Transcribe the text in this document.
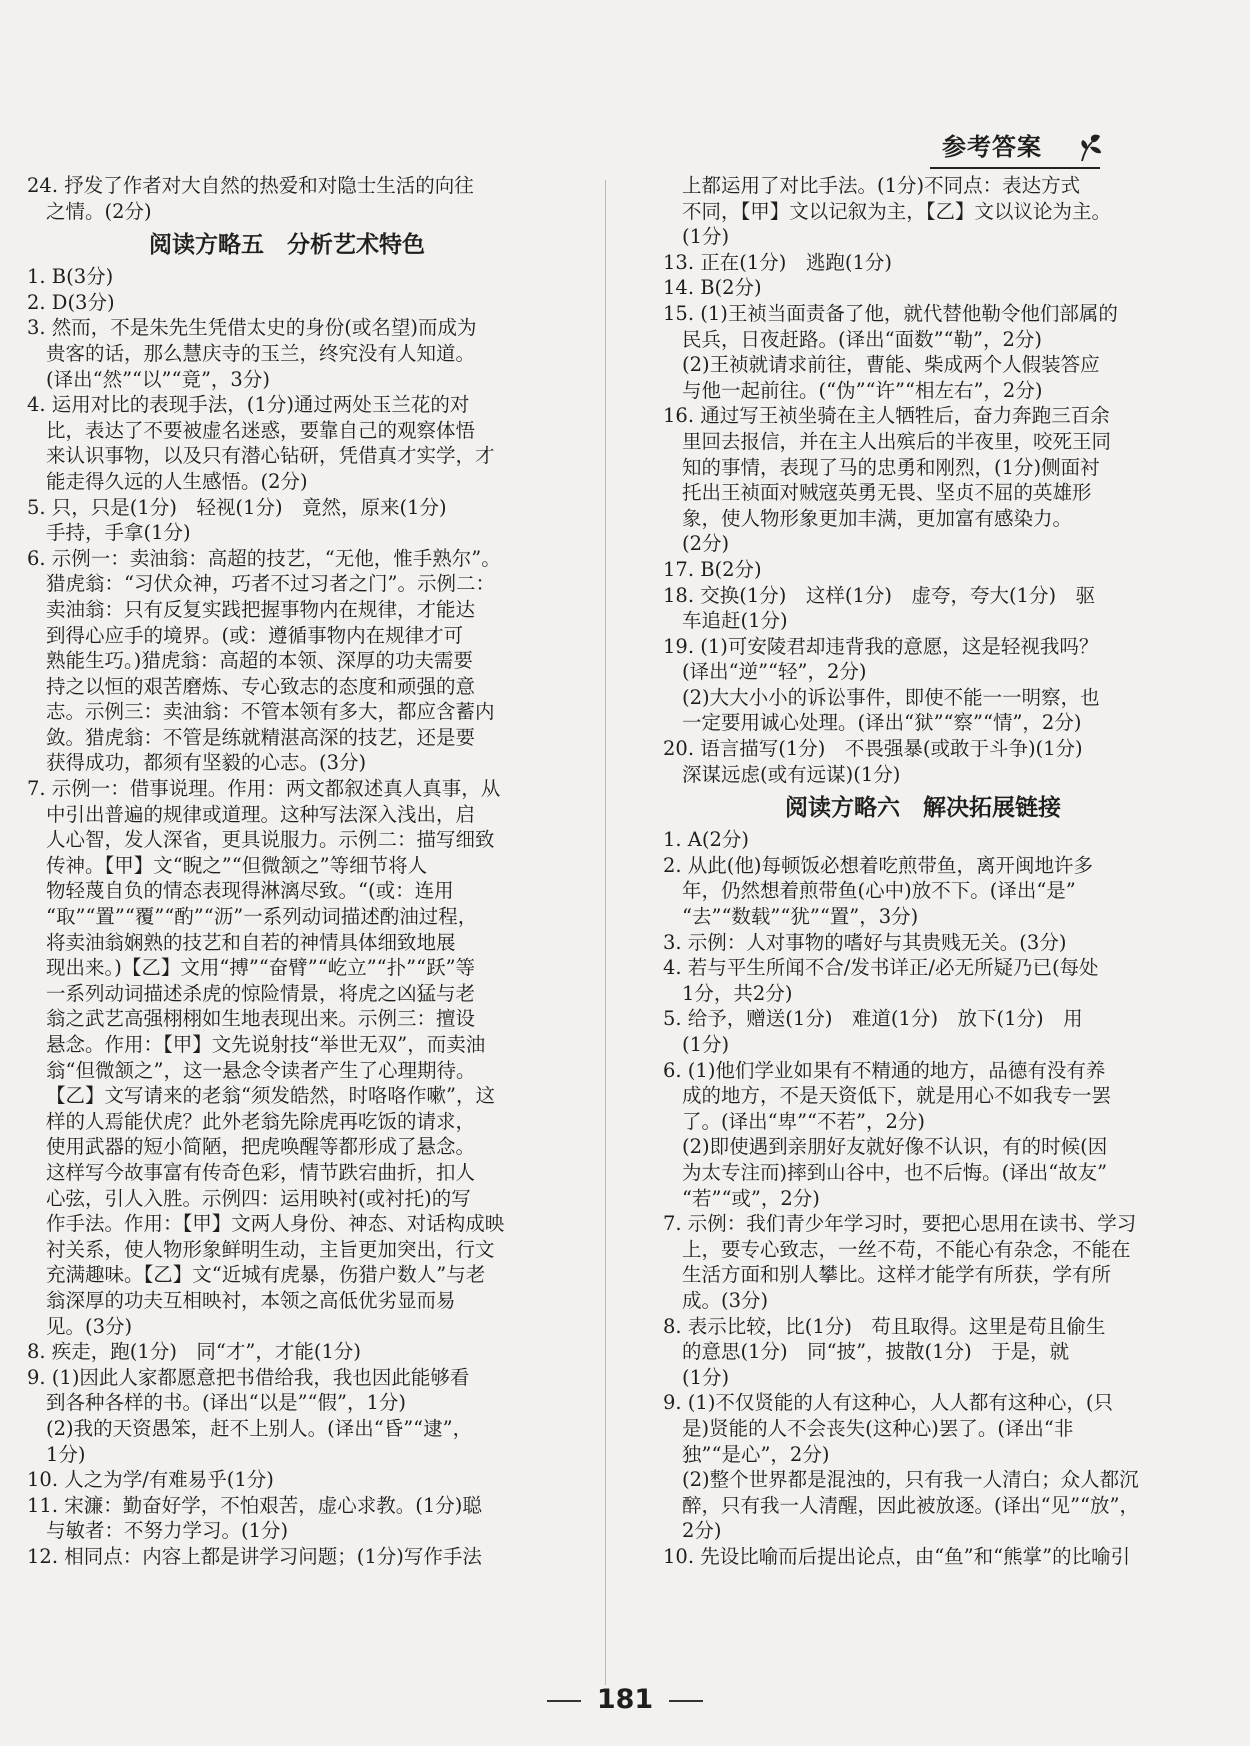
参考答案
24. 抒发了作者对大自然的热爱和对隐士生活的向往
之情。(2分)
阅读方略五　分析艺术特色
1. B(3分)
2. D(3分)
3. 然而，不是朱先生凭借太史的身份(或名望)而成为
贵客的话，那么慧庆寺的玉兰，终究没有人知道。
(译出“然”“以”“竟”，3分)
4. 运用对比的表现手法，(1分)通过两处玉兰花的对
比，表达了不要被虚名迷惑，要靠自己的观察体悟
来认识事物，以及只有潜心钻研，凭借真才实学，才
能走得久远的人生感悟。(2分)
5. 只，只是(1分)　轻视(1分)　竟然，原来(1分)
手持，手拿(1分)
6. 示例一：卖油翁：高超的技艺，“无他，惟手熟尔”。
猎虎翁：“习伏众神，巧者不过习者之门”。示例二：
卖油翁：只有反复实践把握事物内在规律，才能达
到得心应手的境界。(或：遵循事物内在规律才可
熟能生巧。)猎虎翁：高超的本领、深厚的功夫需要
持之以恒的艰苦磨炼、专心致志的态度和顽强的意
志。示例三：卖油翁：不管本领有多大，都应含蓄内
敛。猎虎翁：不管是练就精湛高深的技艺，还是要
获得成功，都须有坚毅的心志。(3分)
7. 示例一：借事说理。作用：两文都叙述真人真事，从
中引出普遍的规律或道理。这种写法深入浅出，启
人心智，发人深省，更具说服力。示例二：描写细致
传神。【甲】文“睨之”“但微颔之”等细节将人
物轻蔑自负的情态表现得淋漓尽致。“(或：连用
“取”“置”“覆”“酌”“沥”一系列动词描述酌油过程，
将卖油翁娴熟的技艺和自若的神情具体细致地展
现出来。)【乙】文用“搏”“奋臂”“屹立”“扑”“跃”等
一系列动词描述杀虎的惊险情景，将虎之凶猛与老
翁之武艺高强栩栩如生地表现出来。示例三：擅设
悬念。作用：【甲】文先说射技“举世无双”，而卖油
翁“但微颔之”，这一悬念令读者产生了心理期待。
【乙】文写请来的老翁“须发皓然，时咯咯作嗽”，这
样的人焉能伏虎？此外老翁先除虎再吃饭的请求，
使用武器的短小简陋，把虎唤醒等都形成了悬念。
这样写今故事富有传奇色彩，情节跌宕曲折，扣人
心弦，引人入胜。示例四：运用映衬(或衬托)的写
作手法。作用：【甲】文两人身份、神态、对话构成映
衬关系，使人物形象鲜明生动，主旨更加突出，行文
充满趣味。【乙】文“近城有虎暴，伤猎户数人”与老
翁深厚的功夫互相映衬，本领之高低优劣显而易
见。(3分)
8. 疾走，跑(1分)　同“才”，才能(1分)
9. (1)因此人家都愿意把书借给我，我也因此能够看
到各种各样的书。(译出“以是”“假”，1分)
(2)我的天资愚笨，赶不上别人。(译出“昏”“逮”，
1分)
10. 人之为学/有难易乎(1分)
11. 宋濂：勤奋好学，不怕艰苦，虚心求教。(1分)聪
与敏者：不努力学习。(1分)
12. 相同点：内容上都是讲学习问题；(1分)写作手法
上都运用了对比手法。(1分)不同点：表达方式
不同，【甲】文以记叙为主，【乙】文以议论为主。
(1分)
13. 正在(1分)　逃跑(1分)
14. B(2分)
15. (1)王祯当面责备了他，就代替他勒令他们部属的
民兵，日夜赶路。(译出“面数”“勒”，2分)
(2)王祯就请求前往，曹能、柴成两个人假装答应
与他一起前往。(“伪”“许”“相左右”，2分)
16. 通过写王祯坐骑在主人牺牲后，奋力奔跑三百余
里回去报信，并在主人出殡后的半夜里，咬死王同
知的事情，表现了马的忠勇和刚烈，(1分)侧面衬
托出王祯面对贼寇英勇无畏、坚贞不屈的英雄形
象，使人物形象更加丰满，更加富有感染力。
(2分)
17. B(2分)
18. 交换(1分)　这样(1分)　虚夸，夸大(1分)　驱
车追赶(1分)
19. (1)可安陵君却违背我的意愿，这是轻视我吗？
(译出“逆”“轻”，2分)
(2)大大小小的诉讼事件，即使不能一一明察，也
一定要用诚心处理。(译出“狱”“察”“情”，2分)
20. 语言描写(1分)　不畏强暴(或敢于斗争)(1分)
深谋远虑(或有远谋)(1分)
阅读方略六　解决拓展链接
1. A(2分)
2. 从此(他)每顿饭必想着吃煎带鱼，离开闽地许多
年，仍然想着煎带鱼(心中)放不下。(译出“是”
“去”“数载”“犹”“置”，3分)
3. 示例：人对事物的嗜好与其贵贱无关。(3分)
4. 若与平生所闻不合/发书详正/必无所疑乃已(每处
1分，共2分)
5. 给予，赠送(1分)　难道(1分)　放下(1分)　用
(1分)
6. (1)他们学业如果有不精通的地方，品德有没有养
成的地方，不是天资低下，就是用心不如我专一罢
了。(译出“卑”“不若”，2分)
(2)即使遇到亲朋好友就好像不认识，有的时候(因
为太专注而)摔到山谷中，也不后悔。(译出“故友”
“若”“或”，2分)
7. 示例：我们青少年学习时，要把心思用在读书、学习
上，要专心致志，一丝不苟，不能心有杂念，不能在
生活方面和别人攀比。这样才能学有所获，学有所
成。(3分)
8. 表示比较，比(1分)　苟且取得。这里是苟且偷生
的意思(1分)　同“披”，披散(1分)　于是，就
(1分)
9. (1)不仅贤能的人有这种心，人人都有这种心，(只
是)贤能的人不会丧失(这种心)罢了。(译出“非
独”“是心”，2分)
(2)整个世界都是混浊的，只有我一人清白；众人都沉
醉，只有我一人清醒，因此被放逐。(译出“见”“放”，
2分)
10. 先设比喻而后提出论点，由“鱼”和“熊掌”的比喻引
181
